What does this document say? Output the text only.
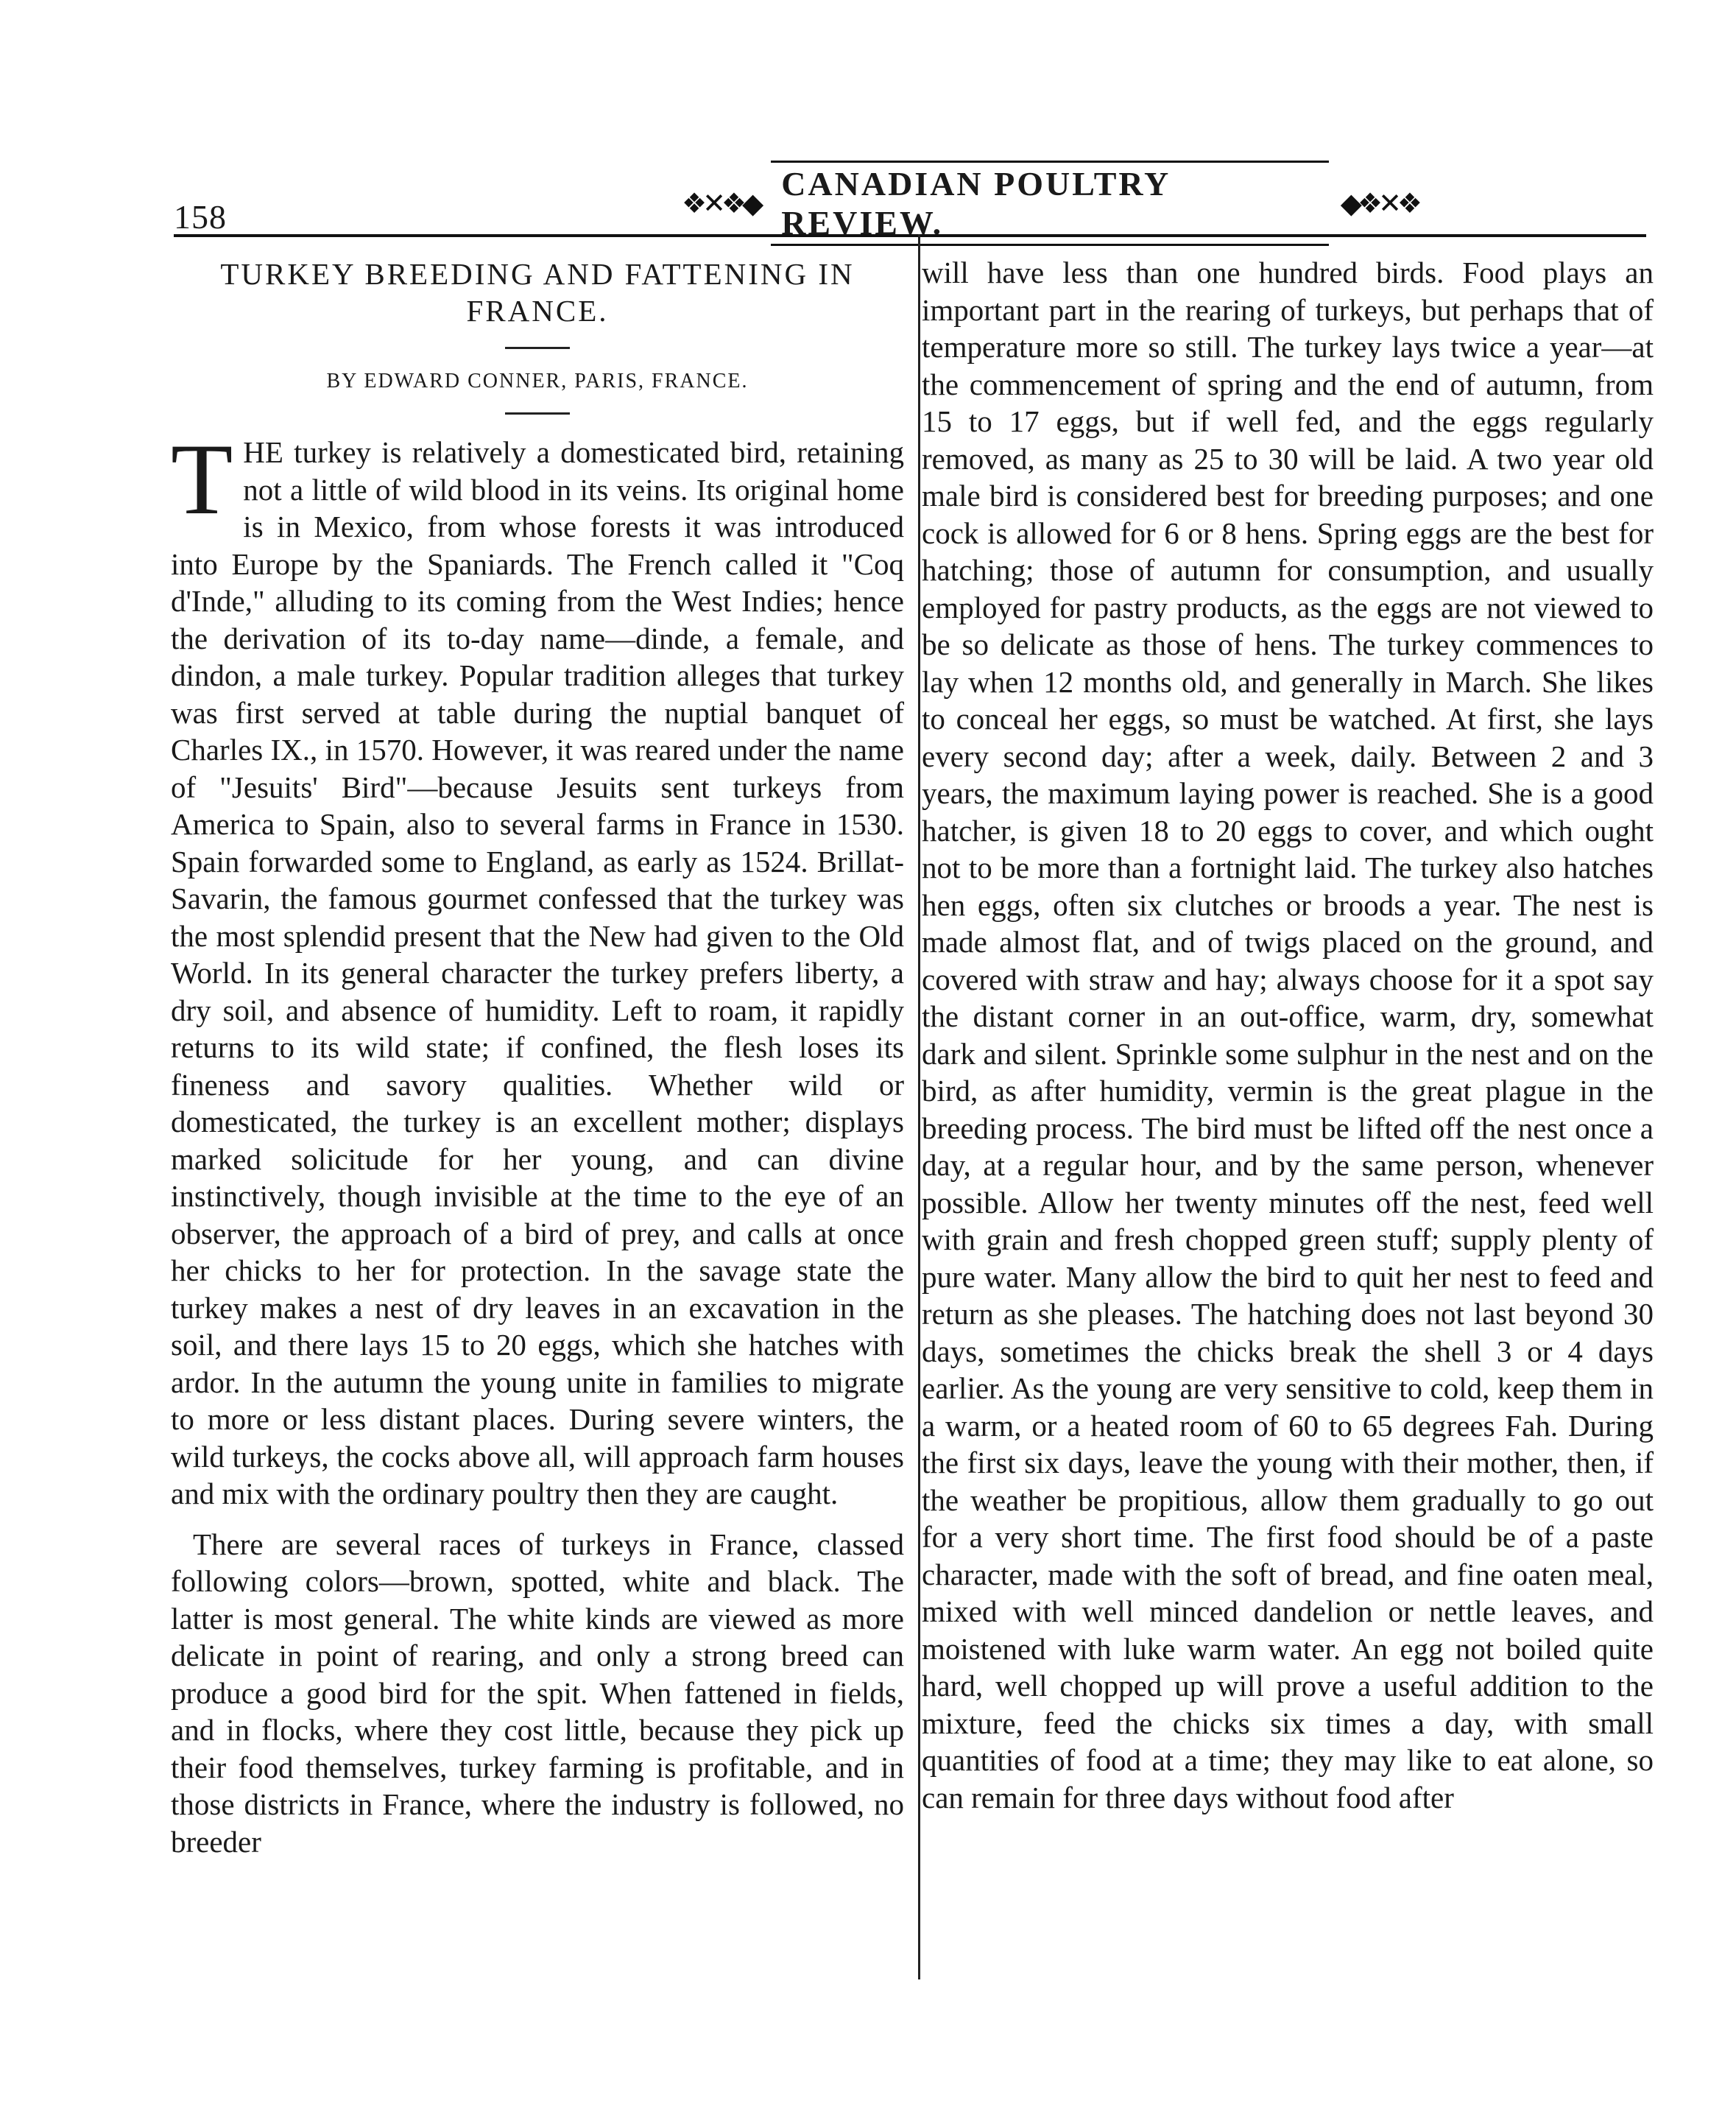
158	❖✕❖◆
CANADIAN POULTRY REVIEW.
◆❖✕❖
TURKEY BREEDING AND FATTENING IN FRANCE.
BY EDWARD CONNER, PARIS, FRANCE.

THE turkey is relatively a domesticated bird, retaining not a little of wild blood in its veins. Its original home is in Mexico, from whose forests it was introduced into Europe by the Spaniards. The French called it "Coq d'Inde," alluding to its coming from the West Indies; hence the derivation of its to-day name—dinde, a female, and dindon, a male turkey. Popular tradition alleges that turkey was first served at table during the nuptial banquet of Charles IX., in 1570. However, it was reared under the name of "Jesuits' Bird"—because Jesuits sent turkeys from America to Spain, also to several farms in France in 1530. Spain forwarded some to England, as early as 1524. Brillat-Savarin, the famous gourmet confessed that the turkey was the most splendid present that the New had given to the Old World. In its general character the turkey prefers liberty, a dry soil, and absence of humidity. Left to roam, it rapidly returns to its wild state; if confined, the flesh loses its fineness and savory qualities. Whether wild or domesticated, the turkey is an excellent mother; displays marked solicitude for her young, and can divine instinctively, though invisible at the time to the eye of an observer, the approach of a bird of prey, and calls at once her chicks to her for protection. In the savage state the turkey makes a nest of dry leaves in an excavation in the soil, and there lays 15 to 20 eggs, which she hatches with ardor. In the autumn the young unite in families to migrate to more or less distant places. During severe winters, the wild turkeys, the cocks above all, will approach farm houses and mix with the ordinary poultry then they are caught.

There are several races of turkeys in France, classed following colors—brown, spotted, white and black. The latter is most general. The white kinds are viewed as more delicate in point of rearing, and only a strong breed can produce a good bird for the spit. When fattened in fields, and in flocks, where they cost little, because they pick up their food themselves, turkey farming is profitable, and in those districts in France, where the industry is followed, no breeder

will have less than one hundred birds. Food plays an important part in the rearing of turkeys, but perhaps that of temperature more so still. The turkey lays twice a year—at the commencement of spring and the end of autumn, from 15 to 17 eggs, but if well fed, and the eggs regularly removed, as many as 25 to 30 will be laid. A two year old male bird is considered best for breeding purposes; and one cock is allowed for 6 or 8 hens. Spring eggs are the best for hatching; those of autumn for consumption, and usually employed for pastry products, as the eggs are not viewed to be so delicate as those of hens. The turkey commences to lay when 12 months old, and generally in March. She likes to conceal her eggs, so must be watched. At first, she lays every second day; after a week, daily. Between 2 and 3 years, the maximum laying power is reached. She is a good hatcher, is given 18 to 20 eggs to cover, and which ought not to be more than a fortnight laid. The turkey also hatches hen eggs, often six clutches or broods a year. The nest is made almost flat, and of twigs placed on the ground, and covered with straw and hay; always choose for it a spot say the distant corner in an out-office, warm, dry, somewhat dark and silent. Sprinkle some sulphur in the nest and on the bird, as after humidity, vermin is the great plague in the breeding process. The bird must be lifted off the nest once a day, at a regular hour, and by the same person, whenever possible. Allow her twenty minutes off the nest, feed well with grain and fresh chopped green stuff; supply plenty of pure water. Many allow the bird to quit her nest to feed and return as she pleases. The hatching does not last beyond 30 days, sometimes the chicks break the shell 3 or 4 days earlier. As the young are very sensitive to cold, keep them in a warm, or a heated room of 60 to 65 degrees Fah. During the first six days, leave the young with their mother, then, if the weather be propitious, allow them gradually to go out for a very short time. The first food should be of a paste character, made with the soft of bread, and fine oaten meal, mixed with well minced dandelion or nettle leaves, and moistened with luke warm water. An egg not boiled quite hard, well chopped up will prove a useful addition to the mixture, feed the chicks six times a day, with small quantities of food at a time; they may like to eat alone, so can remain for three days without food after
